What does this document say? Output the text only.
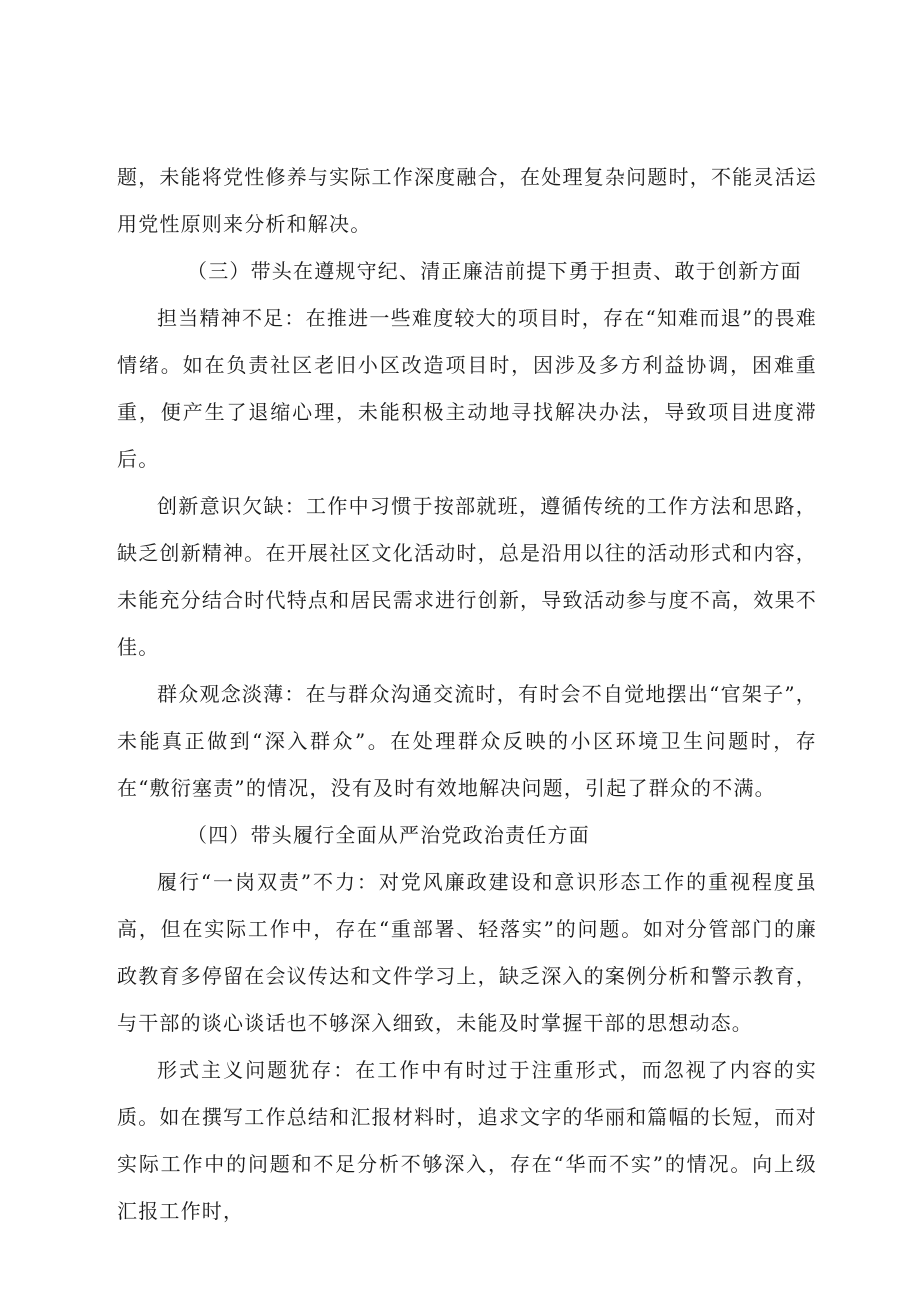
题，未能将党性修养与实际工作深度融合，在处理复杂问题时，不能灵活运用党性原则来分析和解决。

（三）带头在遵规守纪、清正廉洁前提下勇于担责、敢于创新方面

担当精神不足：在推进一些难度较大的项目时，存在“知难而退”的畏难情绪。如在负责社区老旧小区改造项目时，因涉及多方利益协调，困难重重，便产生了退缩心理，未能积极主动地寻找解决办法，导致项目进度滞后。

创新意识欠缺：工作中习惯于按部就班，遵循传统的工作方法和思路，缺乏创新精神。在开展社区文化活动时，总是沿用以往的活动形式和内容，未能充分结合时代特点和居民需求进行创新，导致活动参与度不高，效果不佳。

群众观念淡薄：在与群众沟通交流时，有时会不自觉地摆出“官架子”，未能真正做到“深入群众”。在处理群众反映的小区环境卫生问题时，存在“敷衍塞责”的情况，没有及时有效地解决问题，引起了群众的不满。

（四）带头履行全面从严治党政治责任方面

履行“一岗双责”不力：对党风廉政建设和意识形态工作的重视程度虽高，但在实际工作中，存在“重部署、轻落实”的问题。如对分管部门的廉政教育多停留在会议传达和文件学习上，缺乏深入的案例分析和警示教育，与干部的谈心谈话也不够深入细致，未能及时掌握干部的思想动态。

形式主义问题犹存：在工作中有时过于注重形式，而忽视了内容的实质。如在撰写工作总结和汇报材料时，追求文字的华丽和篇幅的长短，而对实际工作中的问题和不足分析不够深入，存在“华而不实”的情况。向上级汇报工作时，
